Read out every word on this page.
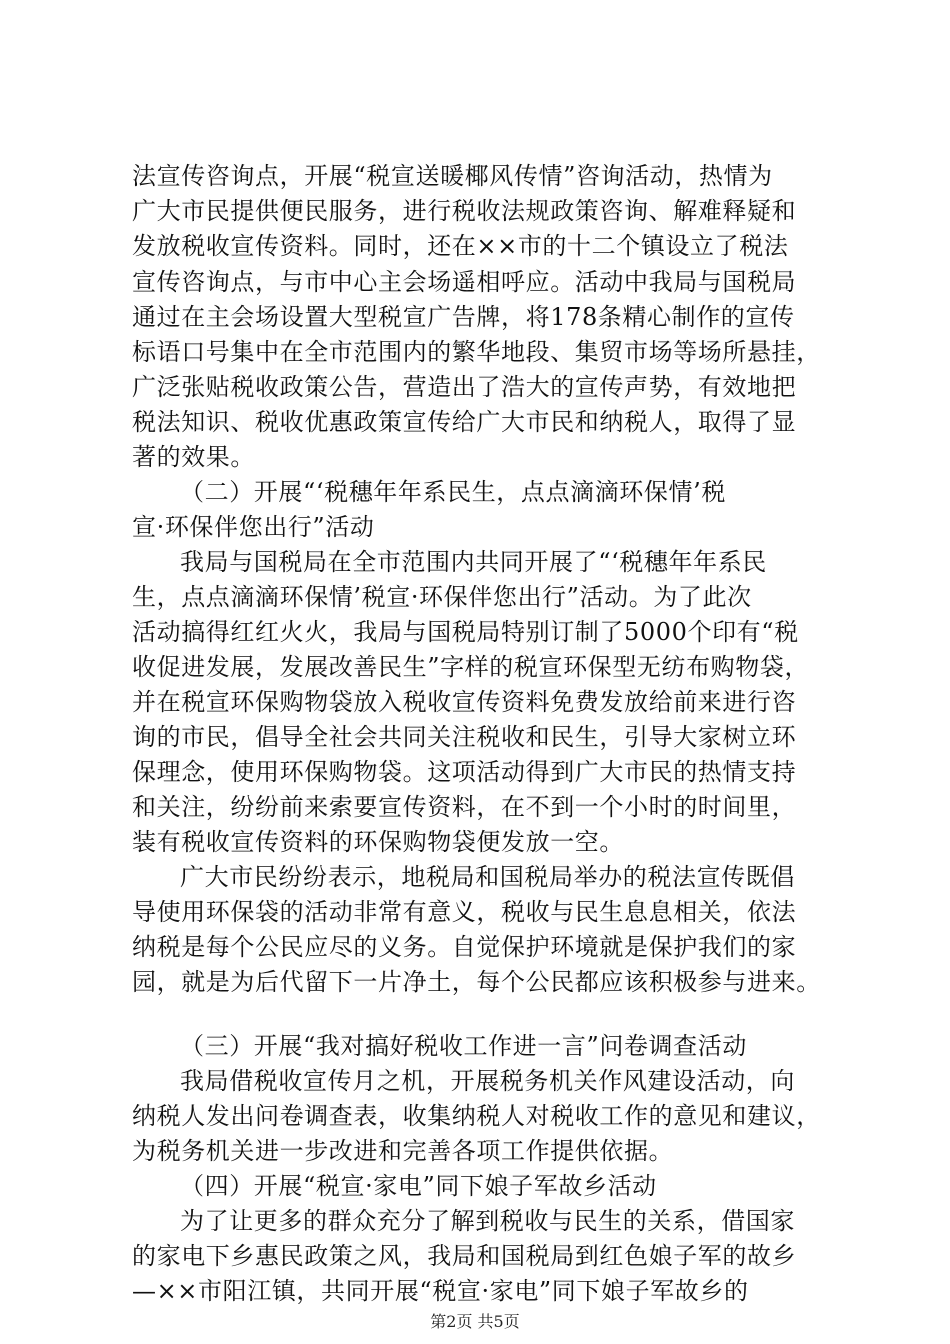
法宣传咨询点，开展“税宣送暖椰风传情”咨询活动，热情为
广大市民提供便民服务，进行税收法规政策咨询、解难释疑和
发放税收宣传资料。同时，还在××市的十二个镇设立了税法
宣传咨询点，与市中心主会场遥相呼应。活动中我局与国税局
通过在主会场设置大型税宣广告牌，将178条精心制作的宣传
标语口号集中在全市范围内的繁华地段、集贸市场等场所悬挂，
广泛张贴税收政策公告，营造出了浩大的宣传声势，有效地把
税法知识、税收优惠政策宣传给广大市民和纳税人，取得了显
著的效果。
（二）开展“‘税穗年年系民生，点点滴滴环保情’税
宣·环保伴您出行”活动
我局与国税局在全市范围内共同开展了“‘税穗年年系民
生，点点滴滴环保情’税宣·环保伴您出行”活动。为了此次
活动搞得红红火火，我局与国税局特别订制了5000个印有“税
收促进发展，发展改善民生”字样的税宣环保型无纺布购物袋，
并在税宣环保购物袋放入税收宣传资料免费发放给前来进行咨
询的市民，倡导全社会共同关注税收和民生，引导大家树立环
保理念，使用环保购物袋。这项活动得到广大市民的热情支持
和关注，纷纷前来索要宣传资料，在不到一个小时的时间里，
装有税收宣传资料的环保购物袋便发放一空。
广大市民纷纷表示，地税局和国税局举办的税法宣传既倡
导使用环保袋的活动非常有意义，税收与民生息息相关，依法
纳税是每个公民应尽的义务。自觉保护环境就是保护我们的家
园，就是为后代留下一片净土，每个公民都应该积极参与进来。
（三）开展“我对搞好税收工作进一言”问卷调查活动
我局借税收宣传月之机，开展税务机关作风建设活动，向
纳税人发出问卷调查表，收集纳税人对税收工作的意见和建议，
为税务机关进一步改进和完善各项工作提供依据。
（四）开展“税宣·家电”同下娘子军故乡活动
为了让更多的群众充分了解到税收与民生的关系，借国家
的家电下乡惠民政策之风，我局和国税局到红色娘子军的故乡
—××市阳江镇，共同开展“税宣·家电”同下娘子军故乡的
第2页 共5页
